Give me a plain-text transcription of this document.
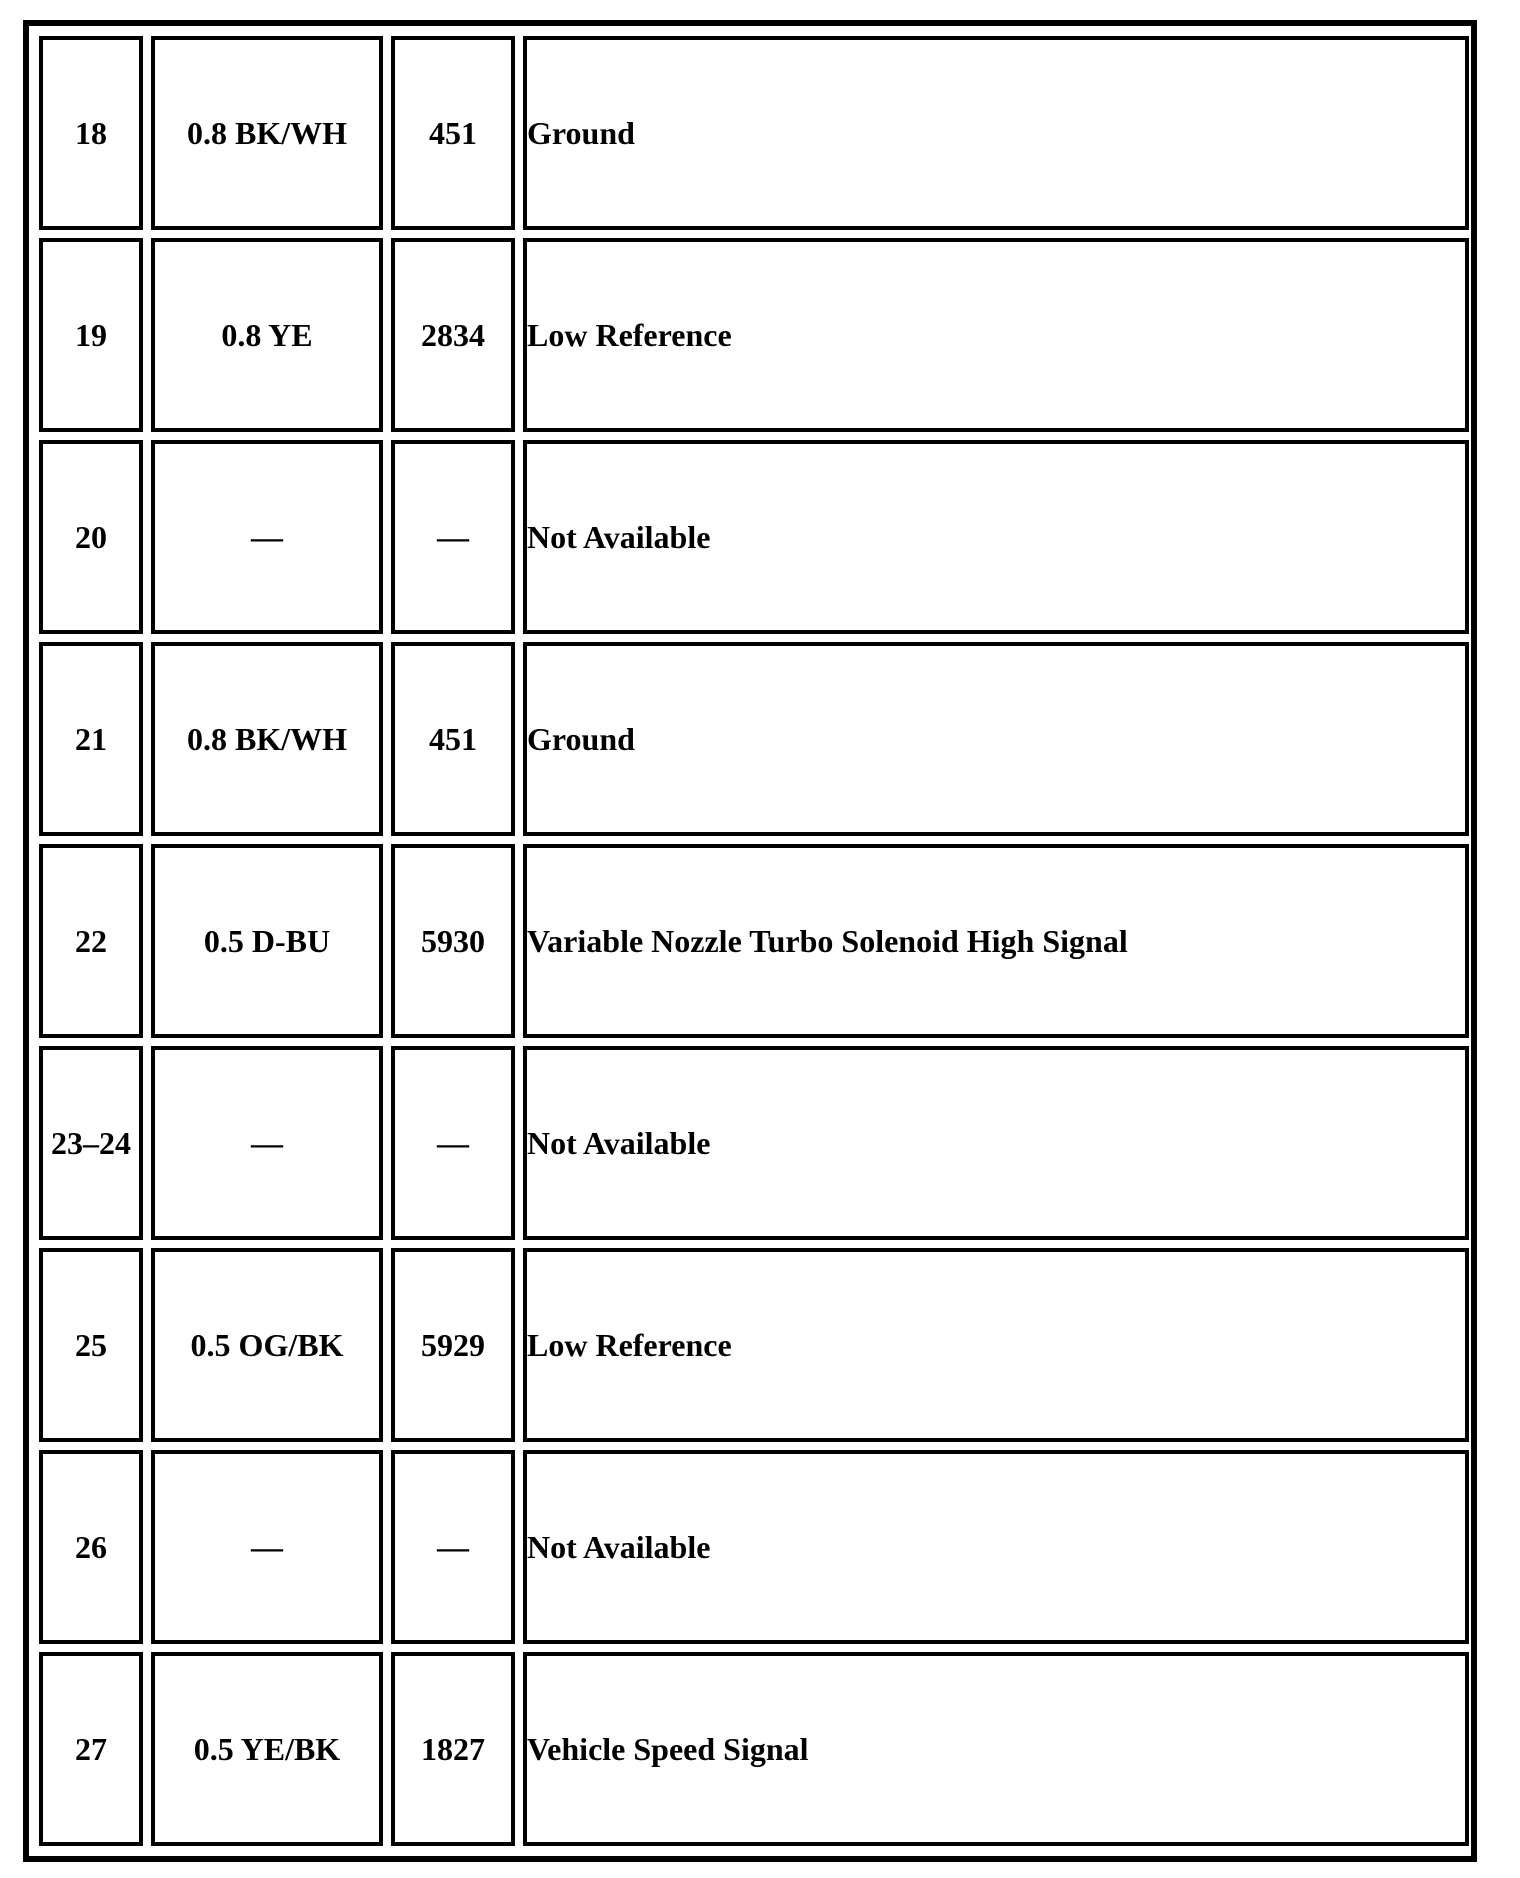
18	0.8 BK/WH	451	Ground
19	0.8 YE	2834	Low Reference
20	—	—	Not Available
21	0.8 BK/WH	451	Ground
22	0.5 D-BU	5930	Variable Nozzle Turbo Solenoid High Signal
23–24	—	—	Not Available
25	0.5 OG/BK	5929	Low Reference
26	—	—	Not Available
27	0.5 YE/BK	1827	Vehicle Speed Signal
